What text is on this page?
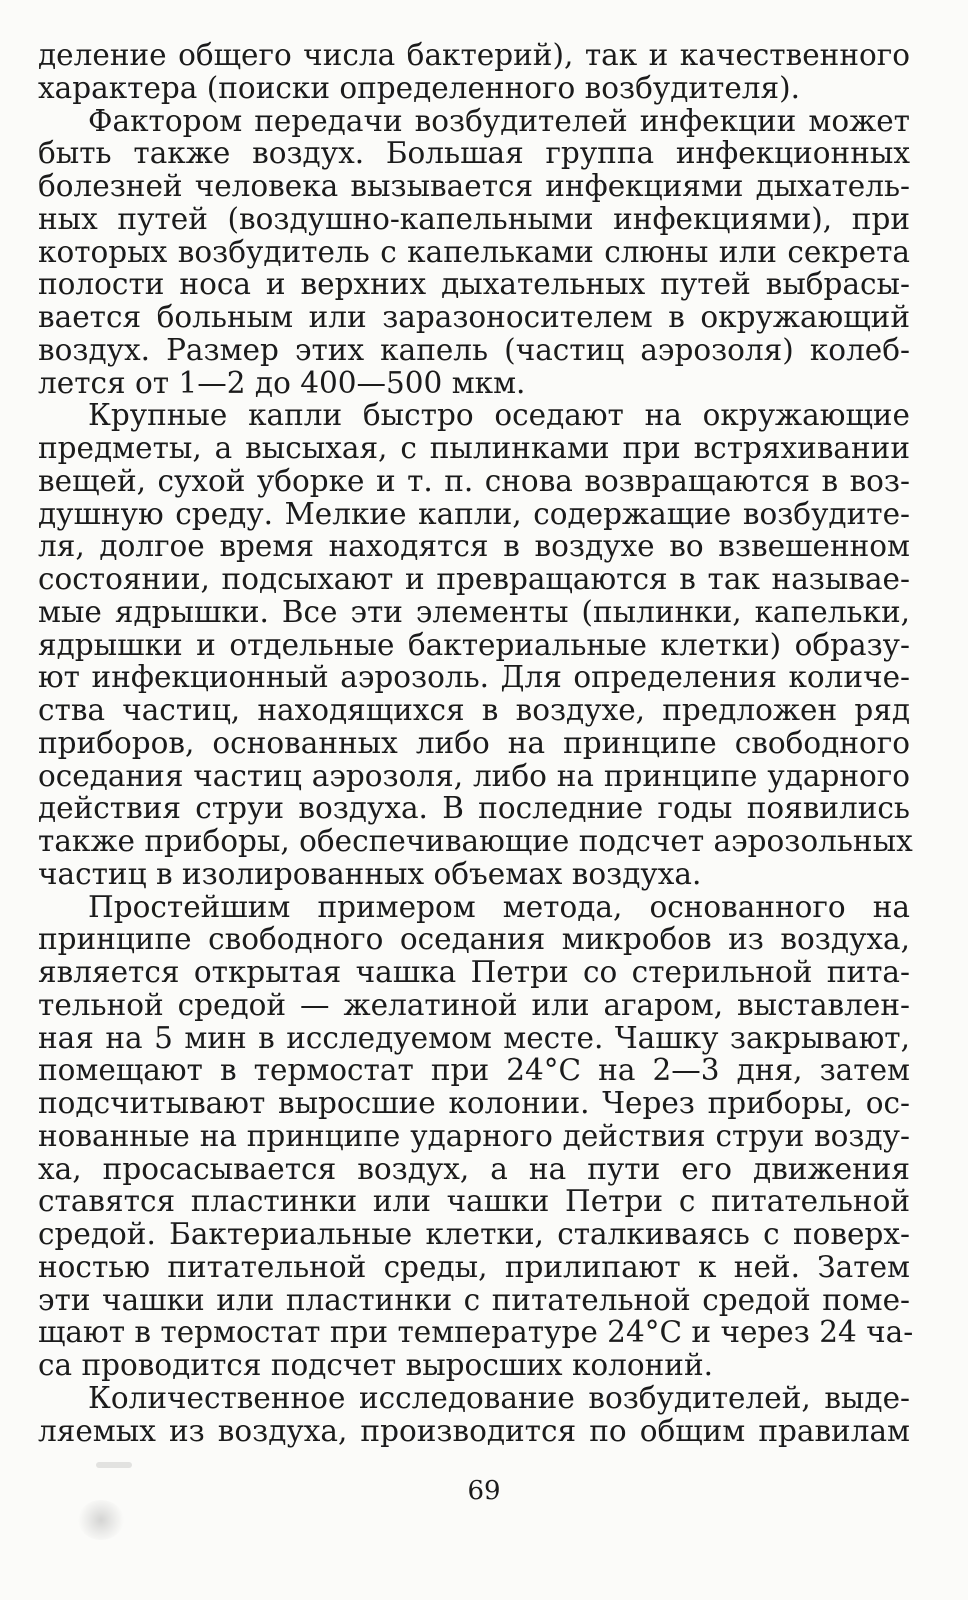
деление общего числа бактерий), так и качественного
характера (поиски определенного возбудителя).
Фактором передачи возбудителей инфекции может
быть также воздух. Большая группа инфекционных
болезней человека вызывается инфекциями дыхатель-
ных путей (воздушно-капельными инфекциями), при
которых возбудитель с капельками слюны или секрета
полости носа и верхних дыхательных путей выбрасы-
вается больным или заразоносителем в окружающий
воздух. Размер этих капель (частиц аэрозоля) колеб-
лется от 1—2 до 400—500 мкм.
Крупные капли быстро оседают на окружающие
предметы, а высыхая, с пылинками при встряхивании
вещей, сухой уборке и т. п. снова возвращаются в воз-
душную среду. Мелкие капли, содержащие возбудите-
ля, долгое время находятся в воздухе во взвешенном
состоянии, подсыхают и превращаются в так называе-
мые ядрышки. Все эти элементы (пылинки, капельки,
ядрышки и отдельные бактериальные клетки) образу-
ют инфекционный аэрозоль. Для определения количе-
ства частиц, находящихся в воздухе, предложен ряд
приборов, основанных либо на принципе свободного
оседания частиц аэрозоля, либо на принципе ударного
действия струи воздуха. В последние годы появились
также приборы, обеспечивающие подсчет аэрозольных
частиц в изолированных объемах воздуха.
Простейшим примером метода, основанного на
принципе свободного оседания микробов из воздуха,
является открытая чашка Петри со стерильной пита-
тельной средой — желатиной или агаром, выставлен-
ная на 5 мин в исследуемом месте. Чашку закрывают,
помещают в термостат при 24°С на 2—3 дня, затем
подсчитывают выросшие колонии. Через приборы, ос-
нованные на принципе ударного действия струи возду-
ха, просасывается воздух, а на пути его движения
ставятся пластинки или чашки Петри с питательной
средой. Бактериальные клетки, сталкиваясь с поверх-
ностью питательной среды, прилипают к ней. Затем
эти чашки или пластинки с питательной средой поме-
щают в термостат при температуре 24°С и через 24 ча-
са проводится подсчет выросших колоний.
Количественное исследование возбудителей, выде-
ляемых из воздуха, производится по общим правилам
69
